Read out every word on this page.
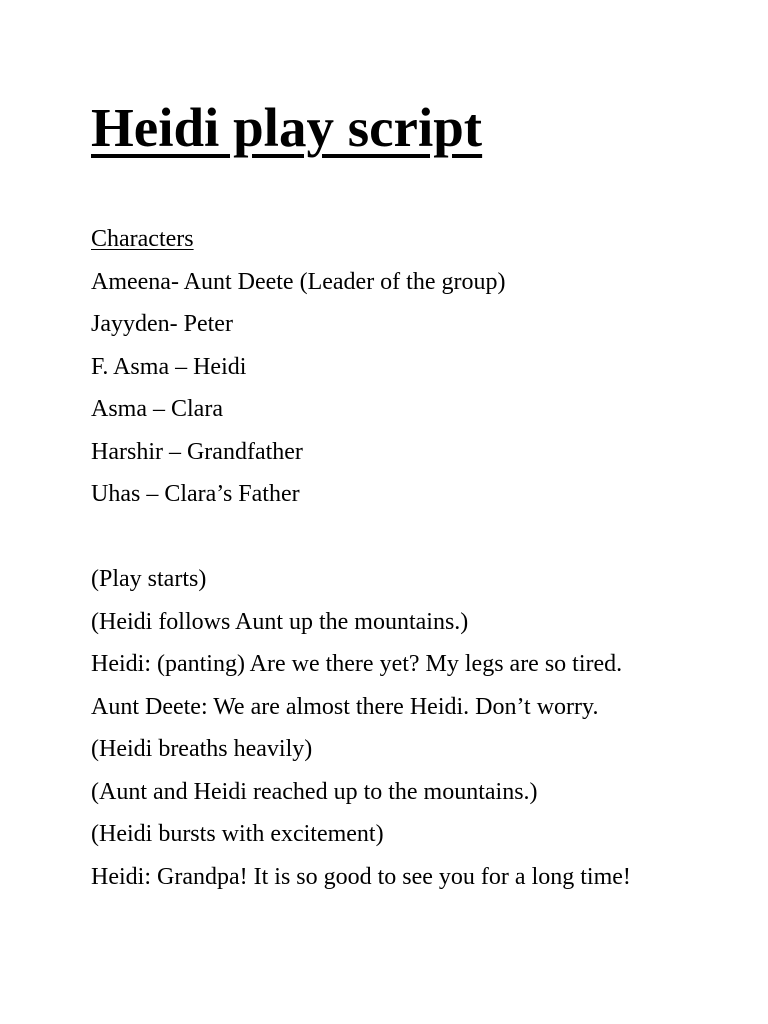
Heidi play script
Characters
Ameena- Aunt Deete (Leader of the group)
Jayyden- Peter
F. Asma – Heidi
Asma – Clara
Harshir – Grandfather
Uhas – Clara’s Father
(Play starts)
(Heidi follows Aunt up the mountains.)
Heidi: (panting) Are we there yet? My legs are so tired.
Aunt Deete: We are almost there Heidi. Don’t worry.
(Heidi breaths heavily)
(Aunt and Heidi reached up to the mountains.)
(Heidi bursts with excitement)
Heidi: Grandpa! It is so good to see you for a long time!
